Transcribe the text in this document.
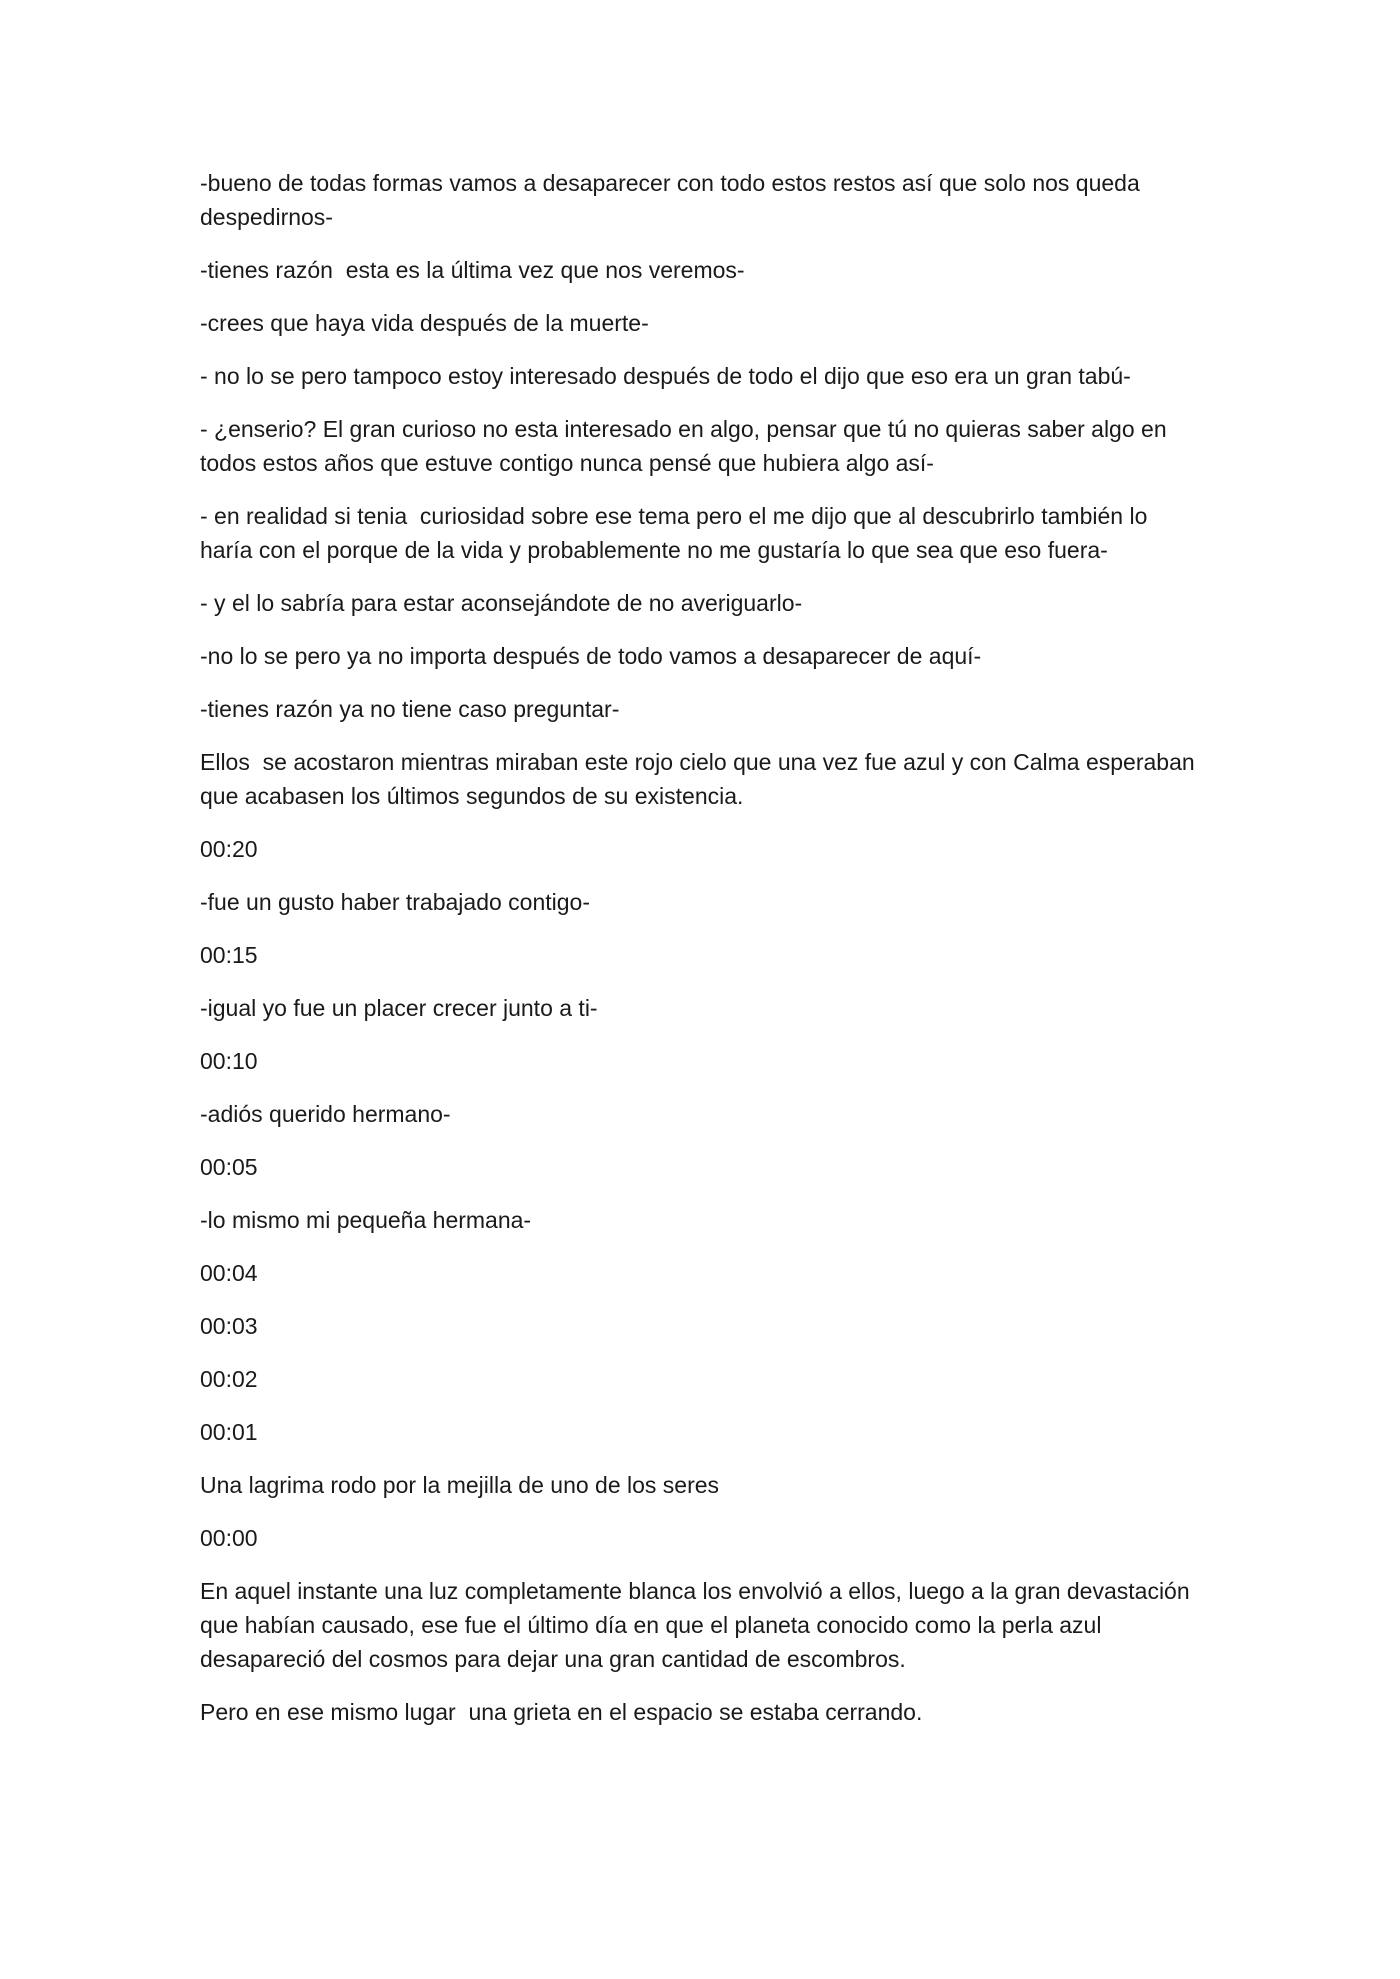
-bueno de todas formas vamos a desaparecer con todo estos restos así que solo nos queda despedirnos-

-tienes razón  esta es la última vez que nos veremos-

-crees que haya vida después de la muerte-

- no lo se pero tampoco estoy interesado después de todo el dijo que eso era un gran tabú-

- ¿enserio? El gran curioso no esta interesado en algo, pensar que tú no quieras saber algo en todos estos años que estuve contigo nunca pensé que hubiera algo así-

- en realidad si tenia  curiosidad sobre ese tema pero el me dijo que al descubrirlo también lo haría con el porque de la vida y probablemente no me gustaría lo que sea que eso fuera-

- y el lo sabría para estar aconsejándote de no averiguarlo-

-no lo se pero ya no importa después de todo vamos a desaparecer de aquí-

-tienes razón ya no tiene caso preguntar-

Ellos  se acostaron mientras miraban este rojo cielo que una vez fue azul y con Calma esperaban que acabasen los últimos segundos de su existencia.

00:20

-fue un gusto haber trabajado contigo-

00:15

-igual yo fue un placer crecer junto a ti-

00:10

-adiós querido hermano-

00:05

-lo mismo mi pequeña hermana-

00:04

00:03

00:02

00:01

Una lagrima rodo por la mejilla de uno de los seres

00:00

En aquel instante una luz completamente blanca los envolvió a ellos, luego a la gran devastación que habían causado, ese fue el último día en que el planeta conocido como la perla azul desapareció del cosmos para dejar una gran cantidad de escombros.

Pero en ese mismo lugar  una grieta en el espacio se estaba cerrando.
